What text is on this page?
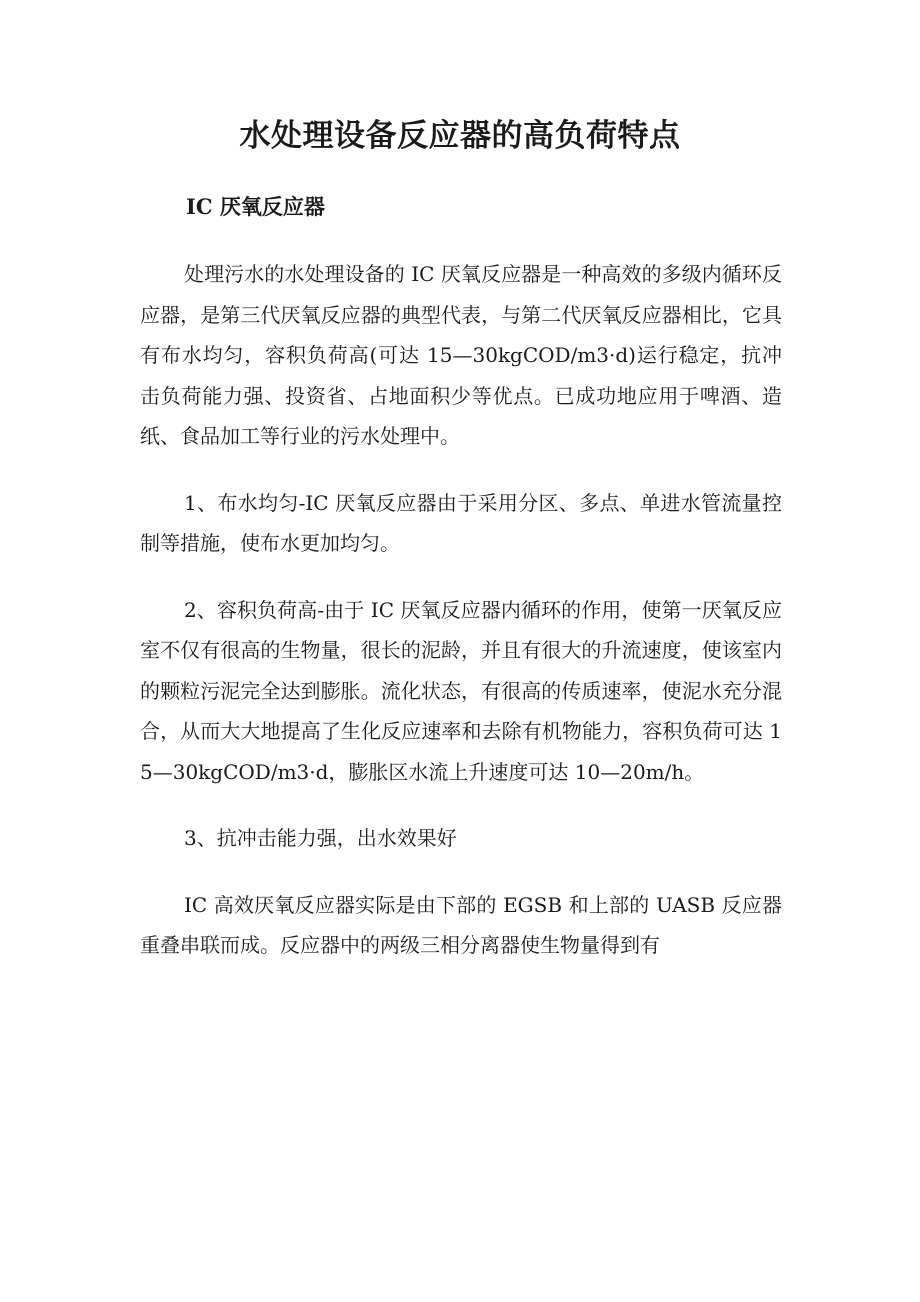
水处理设备反应器的高负荷特点
IC 厌氧反应器

处理污水的水处理设备的 IC 厌氧反应器是一种高效的多级内循环反应器，是第三代厌氧反应器的典型代表，与第二代厌氧反应器相比，它具有布水均匀，容积负荷高(可达 15—30kgCOD/m3·d)运行稳定，抗冲击负荷能力强、投资省、占地面积少等优点。已成功地应用于啤酒、造纸、食品加工等行业的污水处理中。

1、布水均匀-IC 厌氧反应器由于采用分区、多点、单进水管流量控制等措施，使布水更加均匀。

2、容积负荷高-由于 IC 厌氧反应器内循环的作用，使第一厌氧反应室不仅有很高的生物量，很长的泥龄，并且有很大的升流速度，使该室内的颗粒污泥完全达到膨胀。流化状态，有很高的传质速率，使泥水充分混合，从而大大地提高了生化反应速率和去除有机物能力，容积负荷可达 15—30kgCOD/m3·d，膨胀区水流上升速度可达 10—20m/h。

3、抗冲击能力强，出水效果好

IC 高效厌氧反应器实际是由下部的 EGSB 和上部的 UASB 反应器重叠串联而成。反应器中的两级三相分离器使生物量得到有
